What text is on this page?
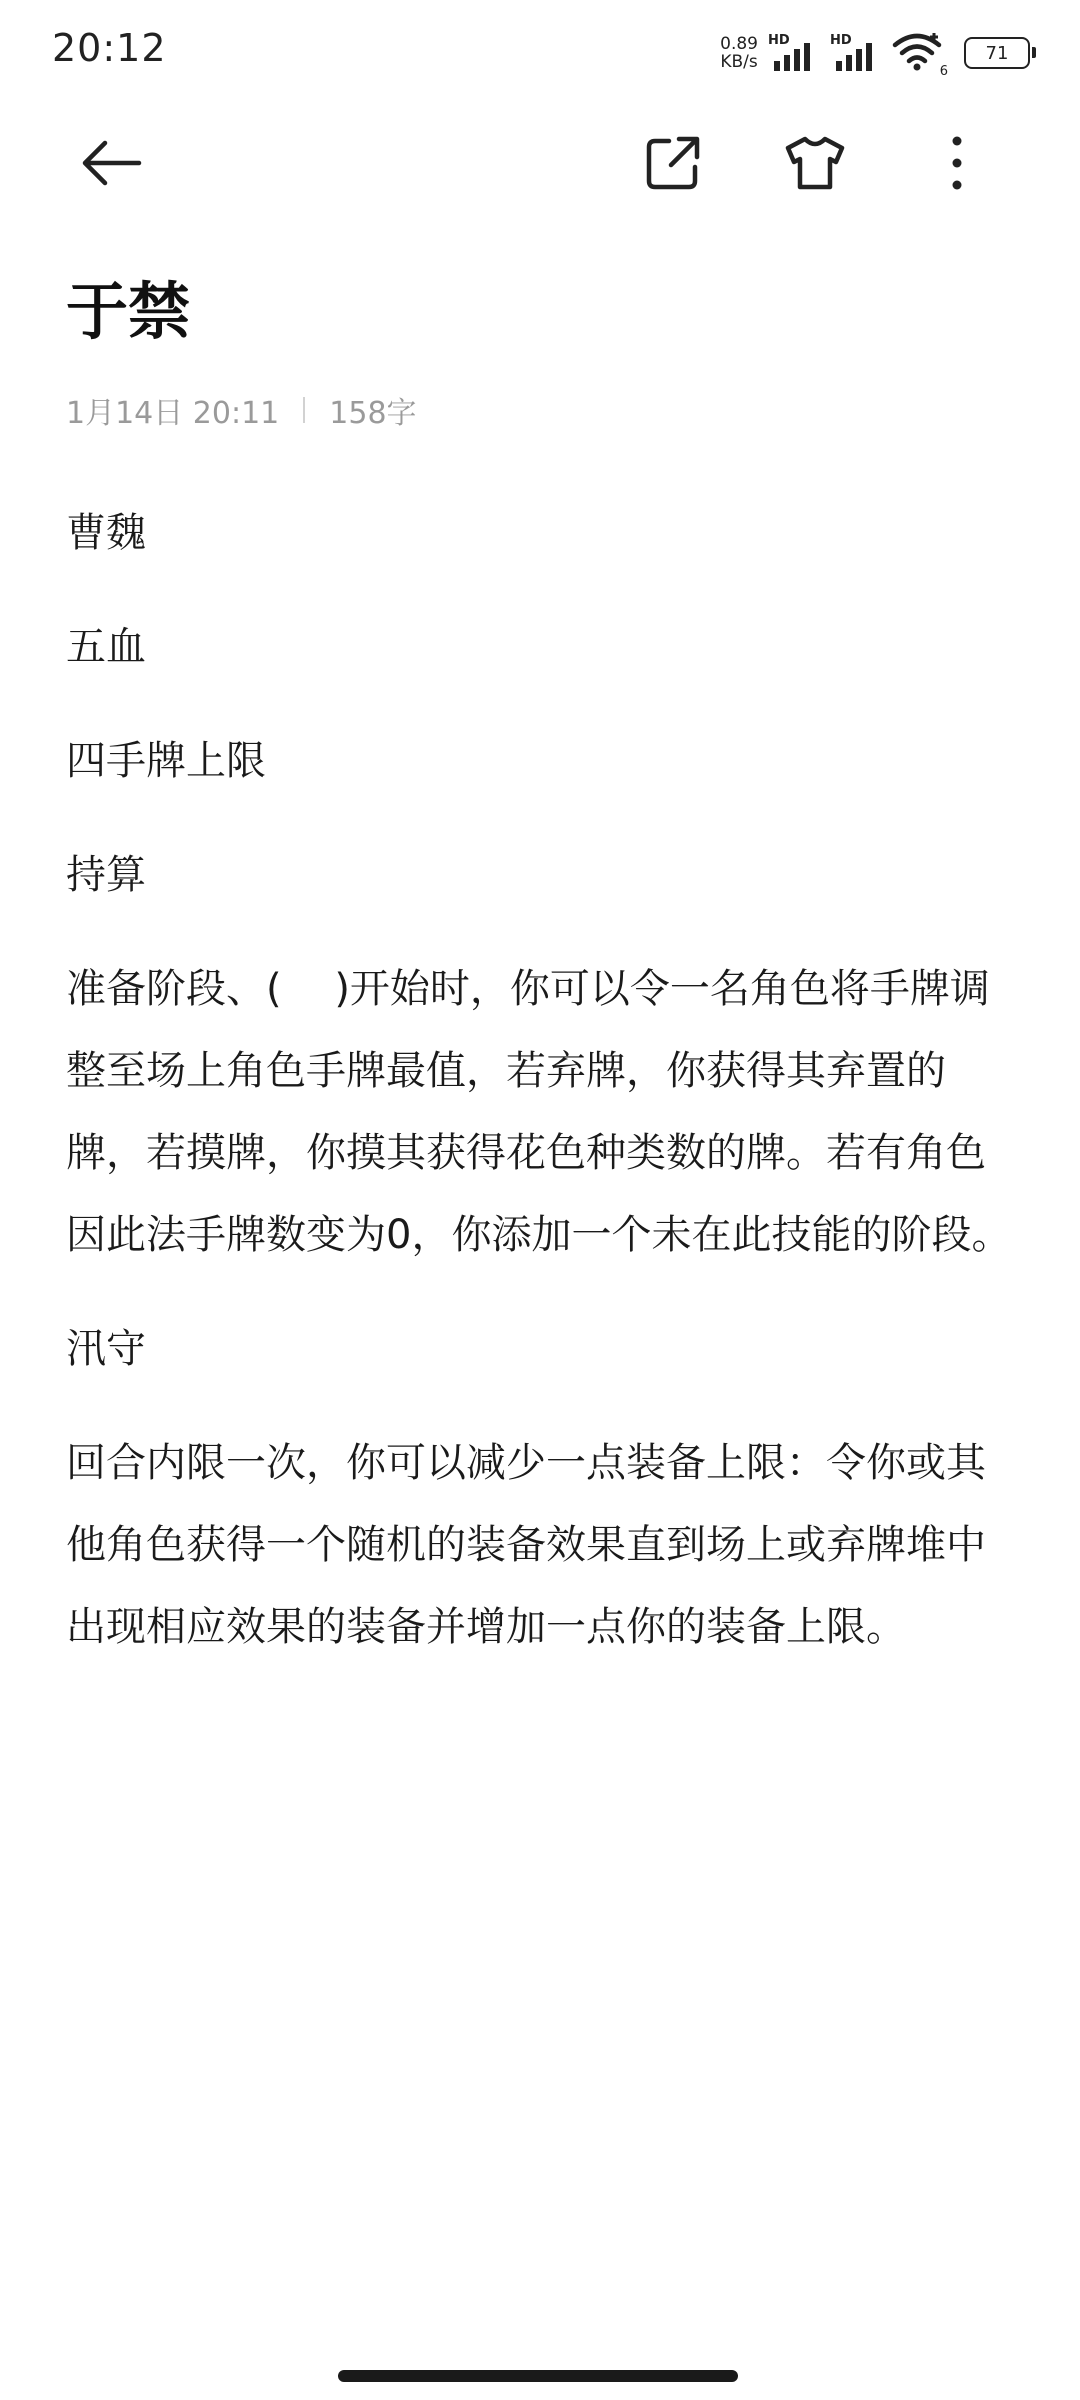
20:12	0.89
KB/s
HD	HD
6
71
于禁
1月14日 20:11 158字

曹魏

五血

四手牌上限

持算

准备阶段、(　 )开始时，你可以令一名角色将手牌调整至场上角色手牌最值，若弃牌，你获得其弃置的牌，若摸牌，你摸其获得花色种类数的牌。若有角色因此法手牌数变为0，你添加一个未在此技能的阶段。

汛守

回合内限一次，你可以减少一点装备上限：令你或其他角色获得一个随机的装备效果直到场上或弃牌堆中出现相应效果的装备并增加一点你的装备上限。
